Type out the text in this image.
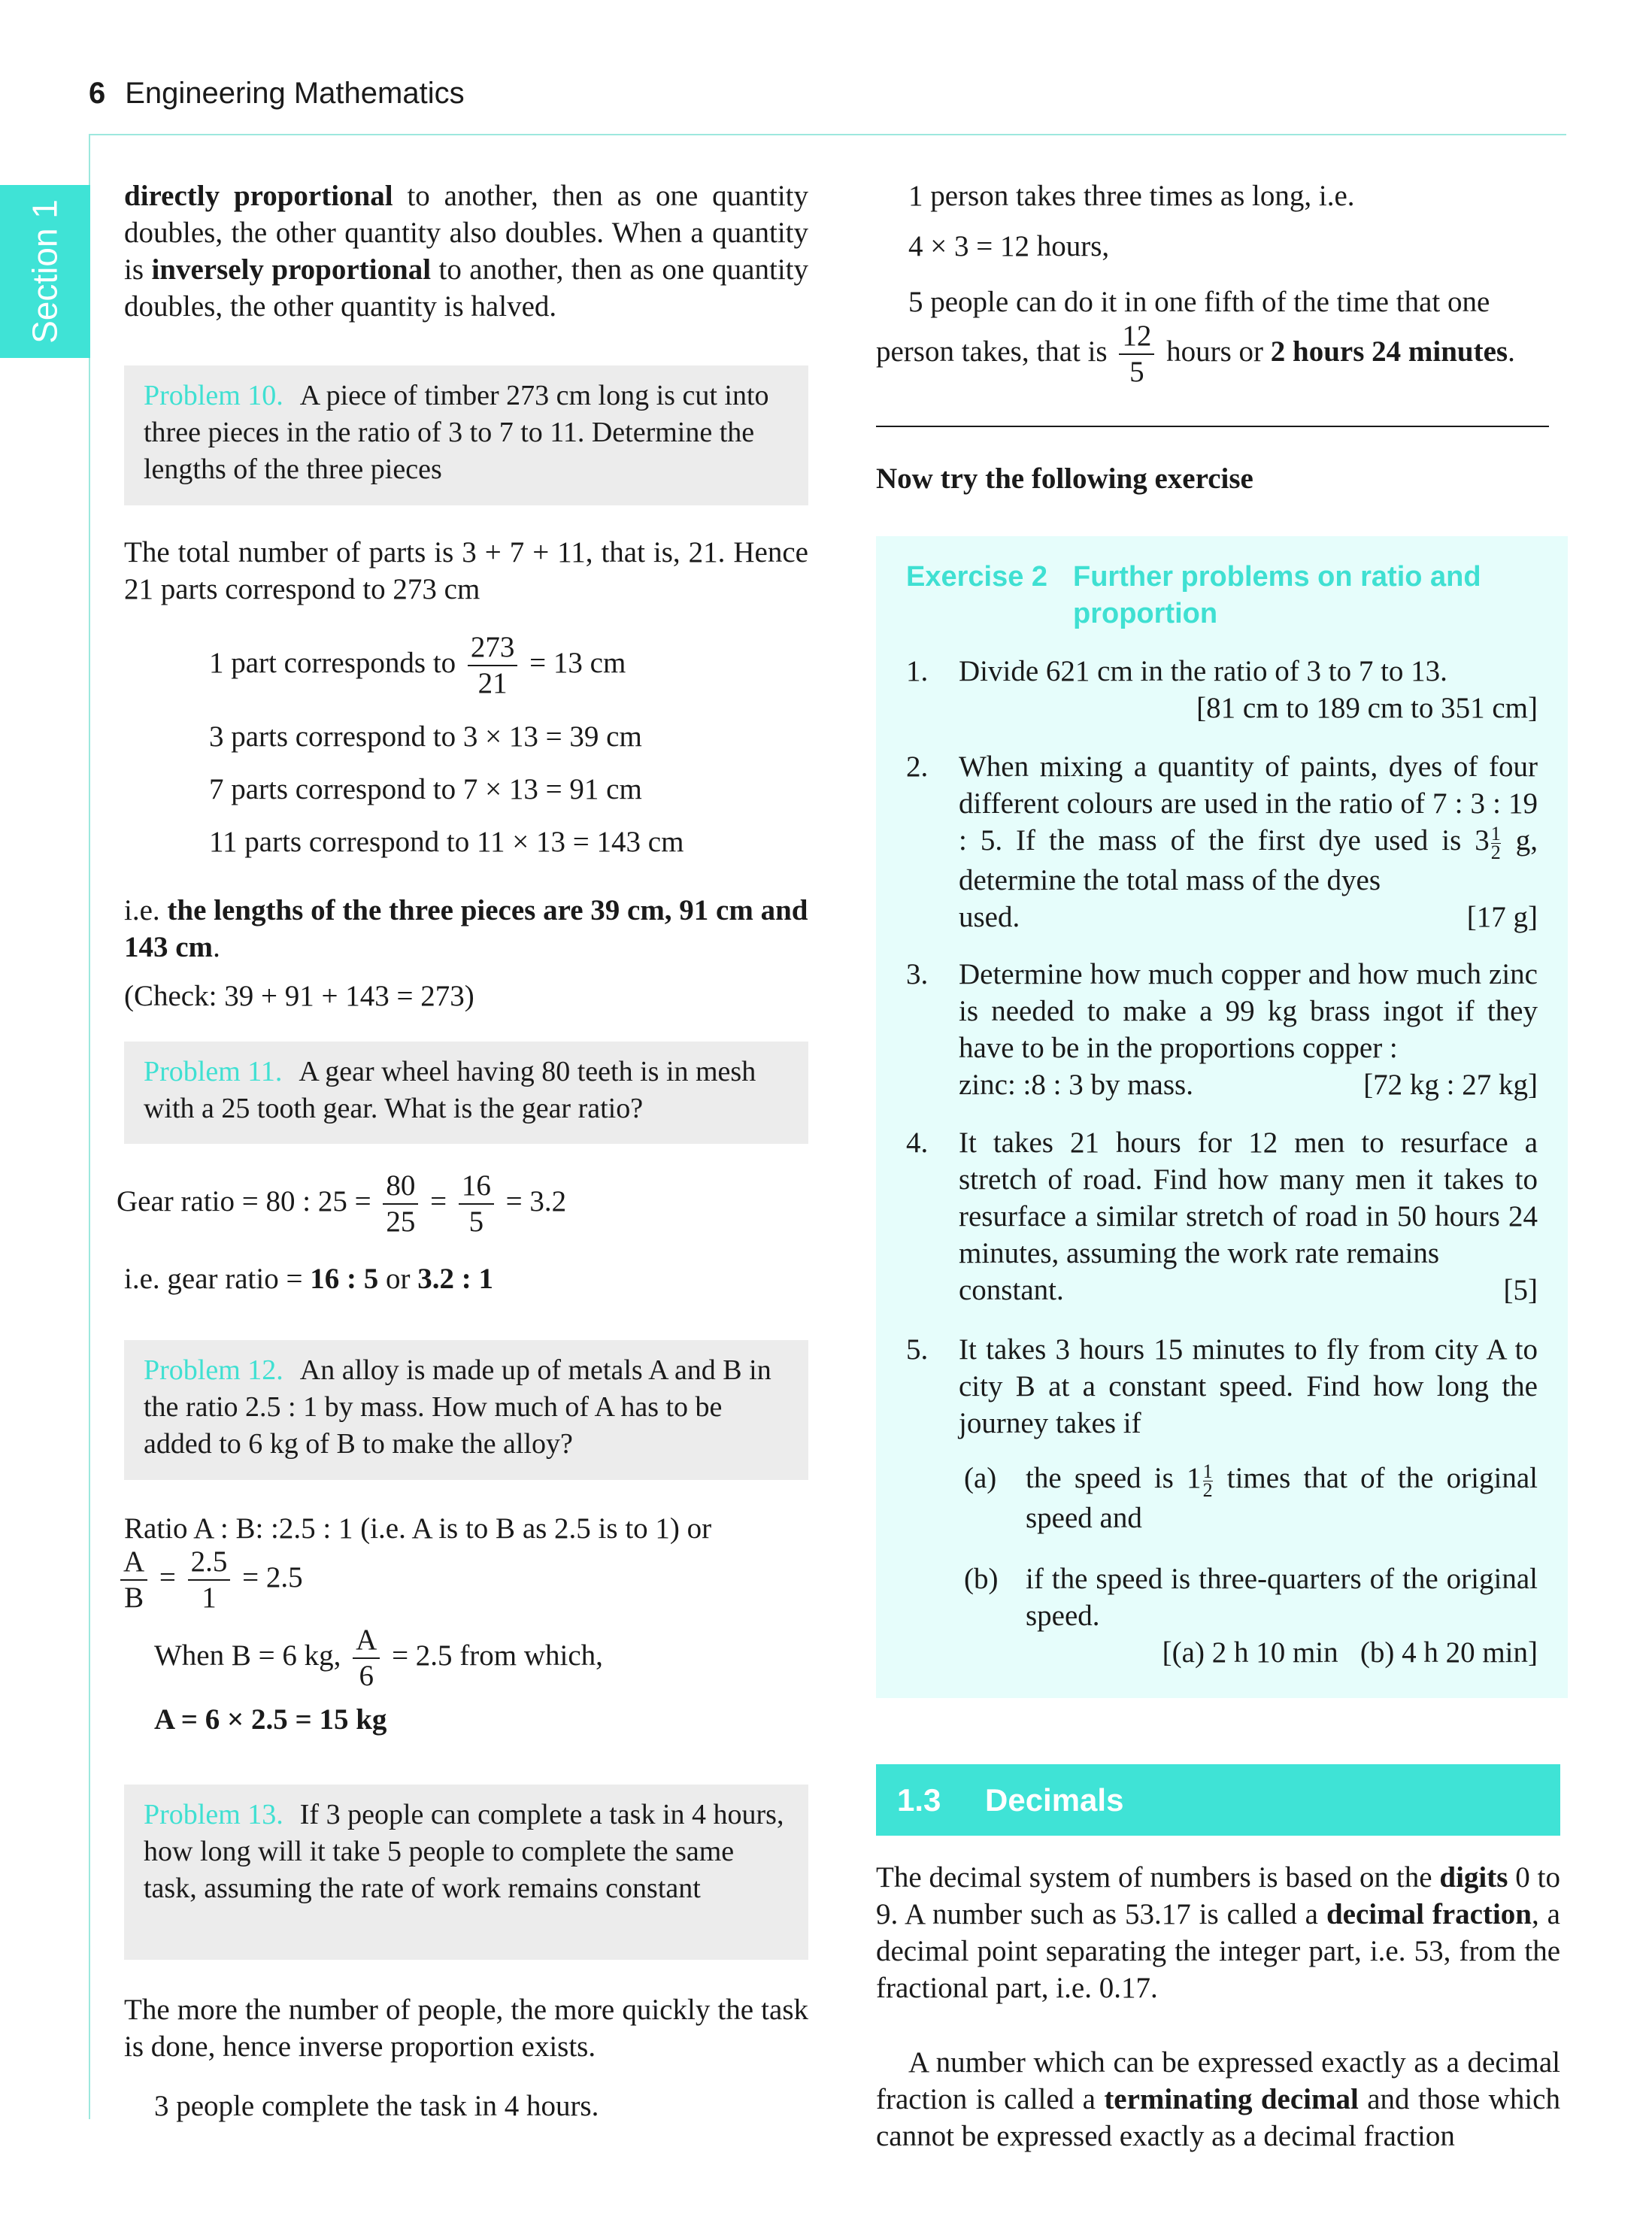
6 Engineering Mathematics
Section 1

directly proportional to another, then as one quantity doubles, the other quantity also doubles. When a quantity is inversely proportional to another, then as one quantity doubles, the other quantity is halved.

Problem 10. A piece of timber 273 cm long is cut into three pieces in the ratio of 3 to 7 to 11. Determine the lengths of the three pieces

The total number of parts is 3 + 7 + 11, that is, 21. Hence 21 parts correspond to 273 cm

1 part corresponds to $\frac{273}{21} = 13$ cm

3 parts correspond to 3 × 13 = 39 cm

7 parts correspond to 7 × 13 = 91 cm

11 parts correspond to 11 × 13 = 143 cm

i.e. the lengths of the three pieces are 39 cm, 91 cm and 143 cm.

(Check: 39 + 91 + 143 = 273)

Problem 11. A gear wheel having 80 teeth is in mesh with a 25 tooth gear. What is the gear ratio?
Gear ratio = 80 : $25 = \frac{80}{25} = \frac{16}{5} = 3.2$

i.e. gear ratio = 16 : 5 or 3.2 : 1

Problem 12. An alloy is made up of metals A and B in the ratio 2.5 : 1 by mass. How much of A has to be added to 6 kg of B to make the alloy?

Ratio A : B: :2.5 : 1 (i.e. A is to B as 2.5 is to 1) or

$\frac{A}{B} = \frac{2.5}{1} = 2.5$
When B = 6 kg, $\frac{A}{6} = 2.5$ from which,

A = 6 × 2.5 = 15 kg

Problem 13. If 3 people can complete a task in 4 hours, how long will it take 5 people to complete the same task, assuming the rate of work remains constant

The more the number of people, the more quickly the task is done, hence inverse proportion exists.

3 people complete the task in 4 hours.

1 person takes three times as long, i.e.

4 × 3 = 12 hours,

5 people can do it in one fifth of the time that one

person takes, that is $\frac{12}{5}$ hours or 2 hours 24 minutes.

Now try the following exercise

Exercise 2 Further problems on ratio and proportion
1. Divide 621 cm in the ratio of 3 to 7 to 13.

[81 cm to 189 cm to 351 cm]

2. When mixing a quantity of paints, dyes of four different colours are used in the ratio of 7 : 3 : 19 : 5. If the mass of the first dye used is $3 \frac{1}{2} g$, determine the total mass of the dyes

used.	[17 g]

3. Determine how much copper and how much zinc is needed to make a 99 kg brass ingot if they have to be in the proportions copper :

zinc: :8 : 3 by mass.	[72 kg : 27 kg]

4. It takes 21 hours for 12 men to resurface a stretch of road. Find how many men it takes to resurface a similar stretch of road in 50 hours 24 minutes, assuming the work rate remains

constant.	[5]

5. It takes 3 hours 15 minutes to fly from city A to city B at a constant speed. Find how long the journey takes if

(a) the speed is $1 \frac{1}{2}$ times that of the original speed and

(b) if the speed is three-quarters of the original speed.

[(a) 2 h 10 min   (b) 4 h 20 min]

1.3 Decimals

The decimal system of numbers is based on the digits 0 to 9. A number such as 53.17 is called a decimal fraction, a decimal point separating the integer part, i.e. 53, from the fractional part, i.e. 0.17.

A number which can be expressed exactly as a decimal fraction is called a terminating decimal and those which cannot be expressed exactly as a decimal fraction
